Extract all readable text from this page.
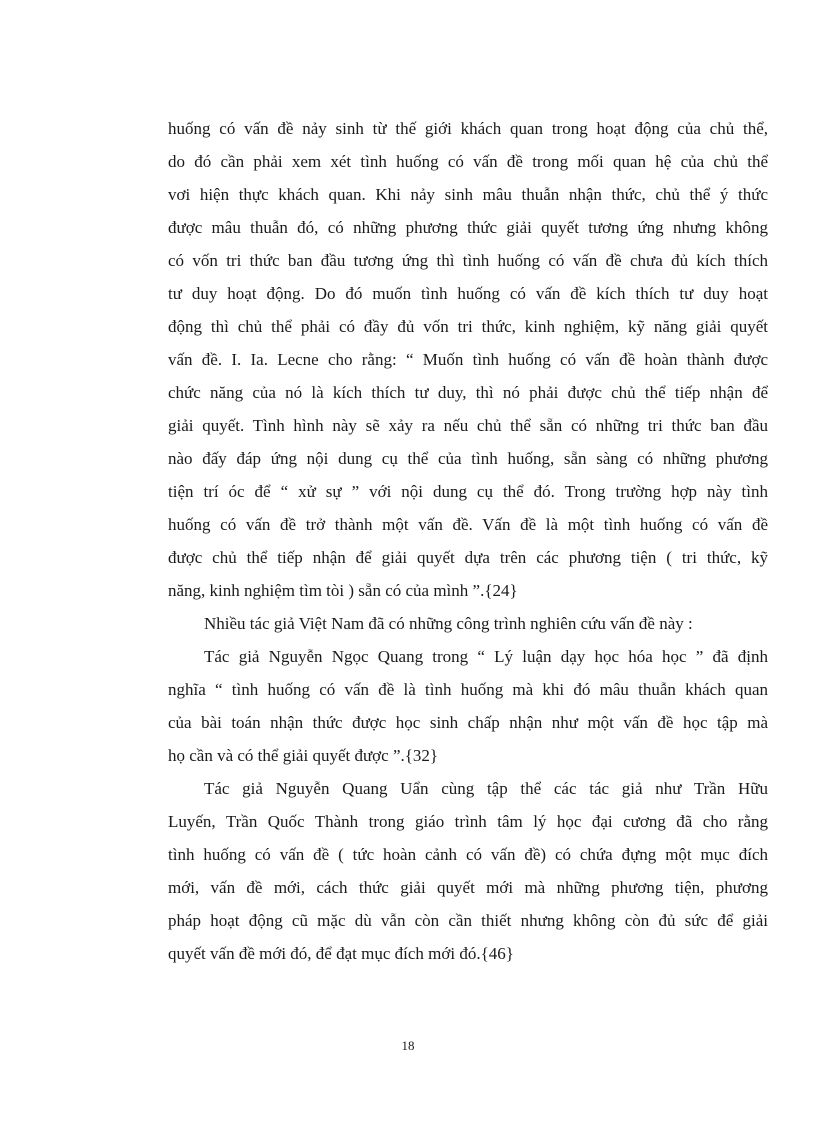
huống có vấn đề nảy sinh từ thế giới khách quan trong hoạt động của chủ thể,
do đó cần phải xem xét tình huống có vấn đề trong mối quan hệ của chủ thể
vơi hiện thực khách quan. Khi nảy sinh mâu thuẫn nhận thức, chủ thể ý thức
được mâu thuẫn đó, có những phương thức giải quyết tương ứng nhưng không
có vốn tri thức ban đầu tương ứng thì tình huống có vấn đề chưa đủ kích thích
tư duy hoạt động. Do đó muốn tình huống có vấn đề kích thích tư duy hoạt
động thì chủ thể phải có đầy đủ vốn tri thức, kinh nghiệm, kỹ năng giải quyết
vấn đề. I. Ia. Lecne cho rằng: “ Muốn tình huống có vấn đề hoàn thành được
chức năng của nó là kích thích tư duy, thì nó phải được chủ thể tiếp nhận để
giải quyết. Tình hình này sẽ xảy ra nếu chủ thể sẵn có những tri thức ban đầu
nào đấy đáp ứng nội dung cụ thể của tình huống, sẵn sàng có những phương
tiện trí óc để “ xử sự ” với nội dung cụ thể đó. Trong trường hợp này tình
huống có vấn đề trở thành một vấn đề. Vấn đề là một tình huống có vấn đề
được chủ thể tiếp nhận để giải quyết dựa trên các phương tiện ( tri thức, kỹ
năng, kinh nghiệm tìm tòi ) sẵn có của mình ”.{24}
Nhiều tác giả Việt Nam đã có những công trình nghiên cứu vấn đề này :
Tác giả Nguyễn Ngọc Quang trong “ Lý luận dạy học hóa học ” đã định
nghĩa “ tình huống có vấn đề là tình huống mà khi đó mâu thuẫn khách quan
của bài toán nhận thức được học sinh chấp nhận như một vấn đề học tập mà
họ cần và có thể giải quyết được ”.{32}
Tác giả Nguyễn Quang Uẩn cùng tập thể các tác giả như Trần Hữu
Luyến, Trần Quốc Thành trong giáo trình tâm lý học đại cương đã cho rằng
tình huống có vấn đề ( tức hoàn cảnh có vấn đề) có chứa đựng một mục đích
mới, vấn đề mới, cách thức giải quyết mới mà những phương tiện, phương
pháp hoạt động cũ mặc dù vẫn còn cần thiết nhưng không còn đủ sức để giải
quyết vấn đề mới đó, để đạt mục đích mới đó.{46}
18
